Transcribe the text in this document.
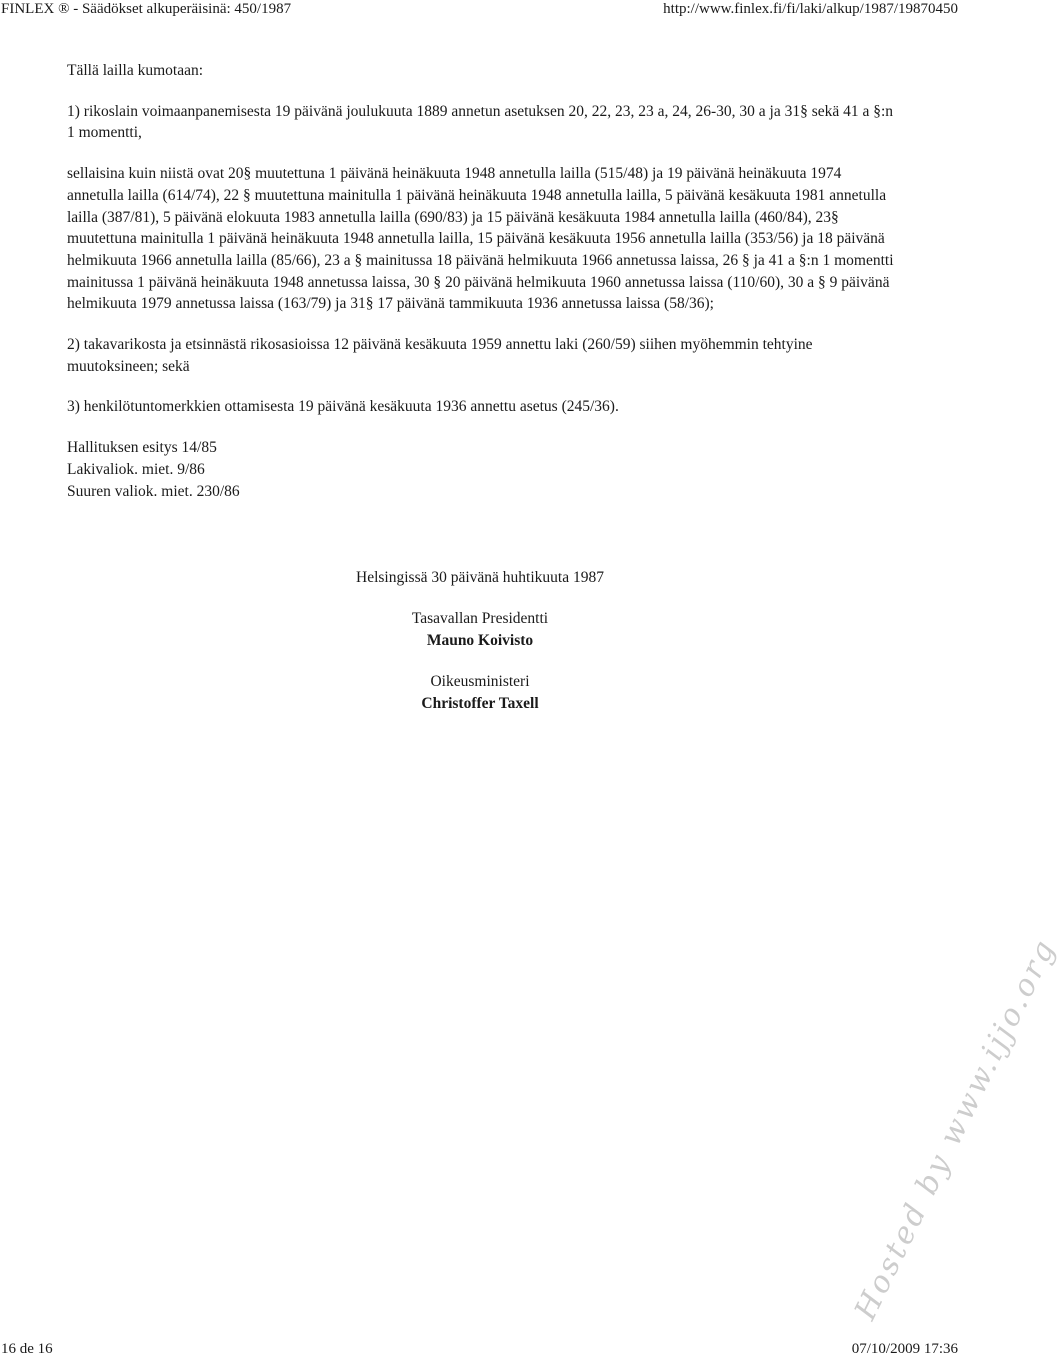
FINLEX ® - Säädökset alkuperäisinä: 450/1987	http://www.finlex.fi/fi/laki/alkup/1987/19870450

Tällä lailla kumotaan:

1) rikoslain voimaanpanemisesta 19 päivänä joulukuuta 1889 annetun asetuksen 20, 22, 23, 23 a, 24, 26-30, 30 a ja 31§ sekä 41 a §:n 1 momentti,

sellaisina kuin niistä ovat 20§ muutettuna 1 päivänä heinäkuuta 1948 annetulla lailla (515/48) ja 19 päivänä heinäkuuta 1974 annetulla lailla (614/74), 22 § muutettuna mainitulla 1 päivänä heinäkuuta 1948 annetulla lailla, 5 päivänä kesäkuuta 1981 annetulla lailla (387/81), 5 päivänä elokuuta 1983 annetulla lailla (690/83) ja 15 päivänä kesäkuuta 1984 annetulla lailla (460/84), 23§ muutettuna mainitulla 1 päivänä heinäkuuta 1948 annetulla lailla, 15 päivänä kesäkuuta 1956 annetulla lailla (353/56) ja 18 päivänä helmikuuta 1966 annetulla lailla (85/66), 23 a § mainitussa 18 päivänä helmikuuta 1966 annetussa laissa, 26 § ja 41 a §:n 1 momentti mainitussa 1 päivänä heinäkuuta 1948 annetussa laissa, 30 § 20 päivänä helmikuuta 1960 annetussa laissa (110/60), 30 a § 9 päivänä helmikuuta 1979 annetussa laissa (163/79) ja 31§ 17 päivänä tammikuuta 1936 annetussa laissa (58/36);

2) takavarikosta ja etsinnästä rikosasioissa 12 päivänä kesäkuuta 1959 annettu laki (260/59) siihen myöhemmin tehtyine muutoksineen; sekä

3) henkilötuntomerkkien ottamisesta 19 päivänä kesäkuuta 1936 annettu asetus (245/36).

Hallituksen esitys 14/85
Lakivaliok. miet. 9/86
Suuren valiok. miet. 230/86
Helsingissä 30 päivänä huhtikuuta 1987
Tasavallan Presidentti
Mauno Koivisto
Oikeusministeri
Christoffer Taxell
Hosted by www.ijjo.org
16 de 16	07/10/2009 17:36
